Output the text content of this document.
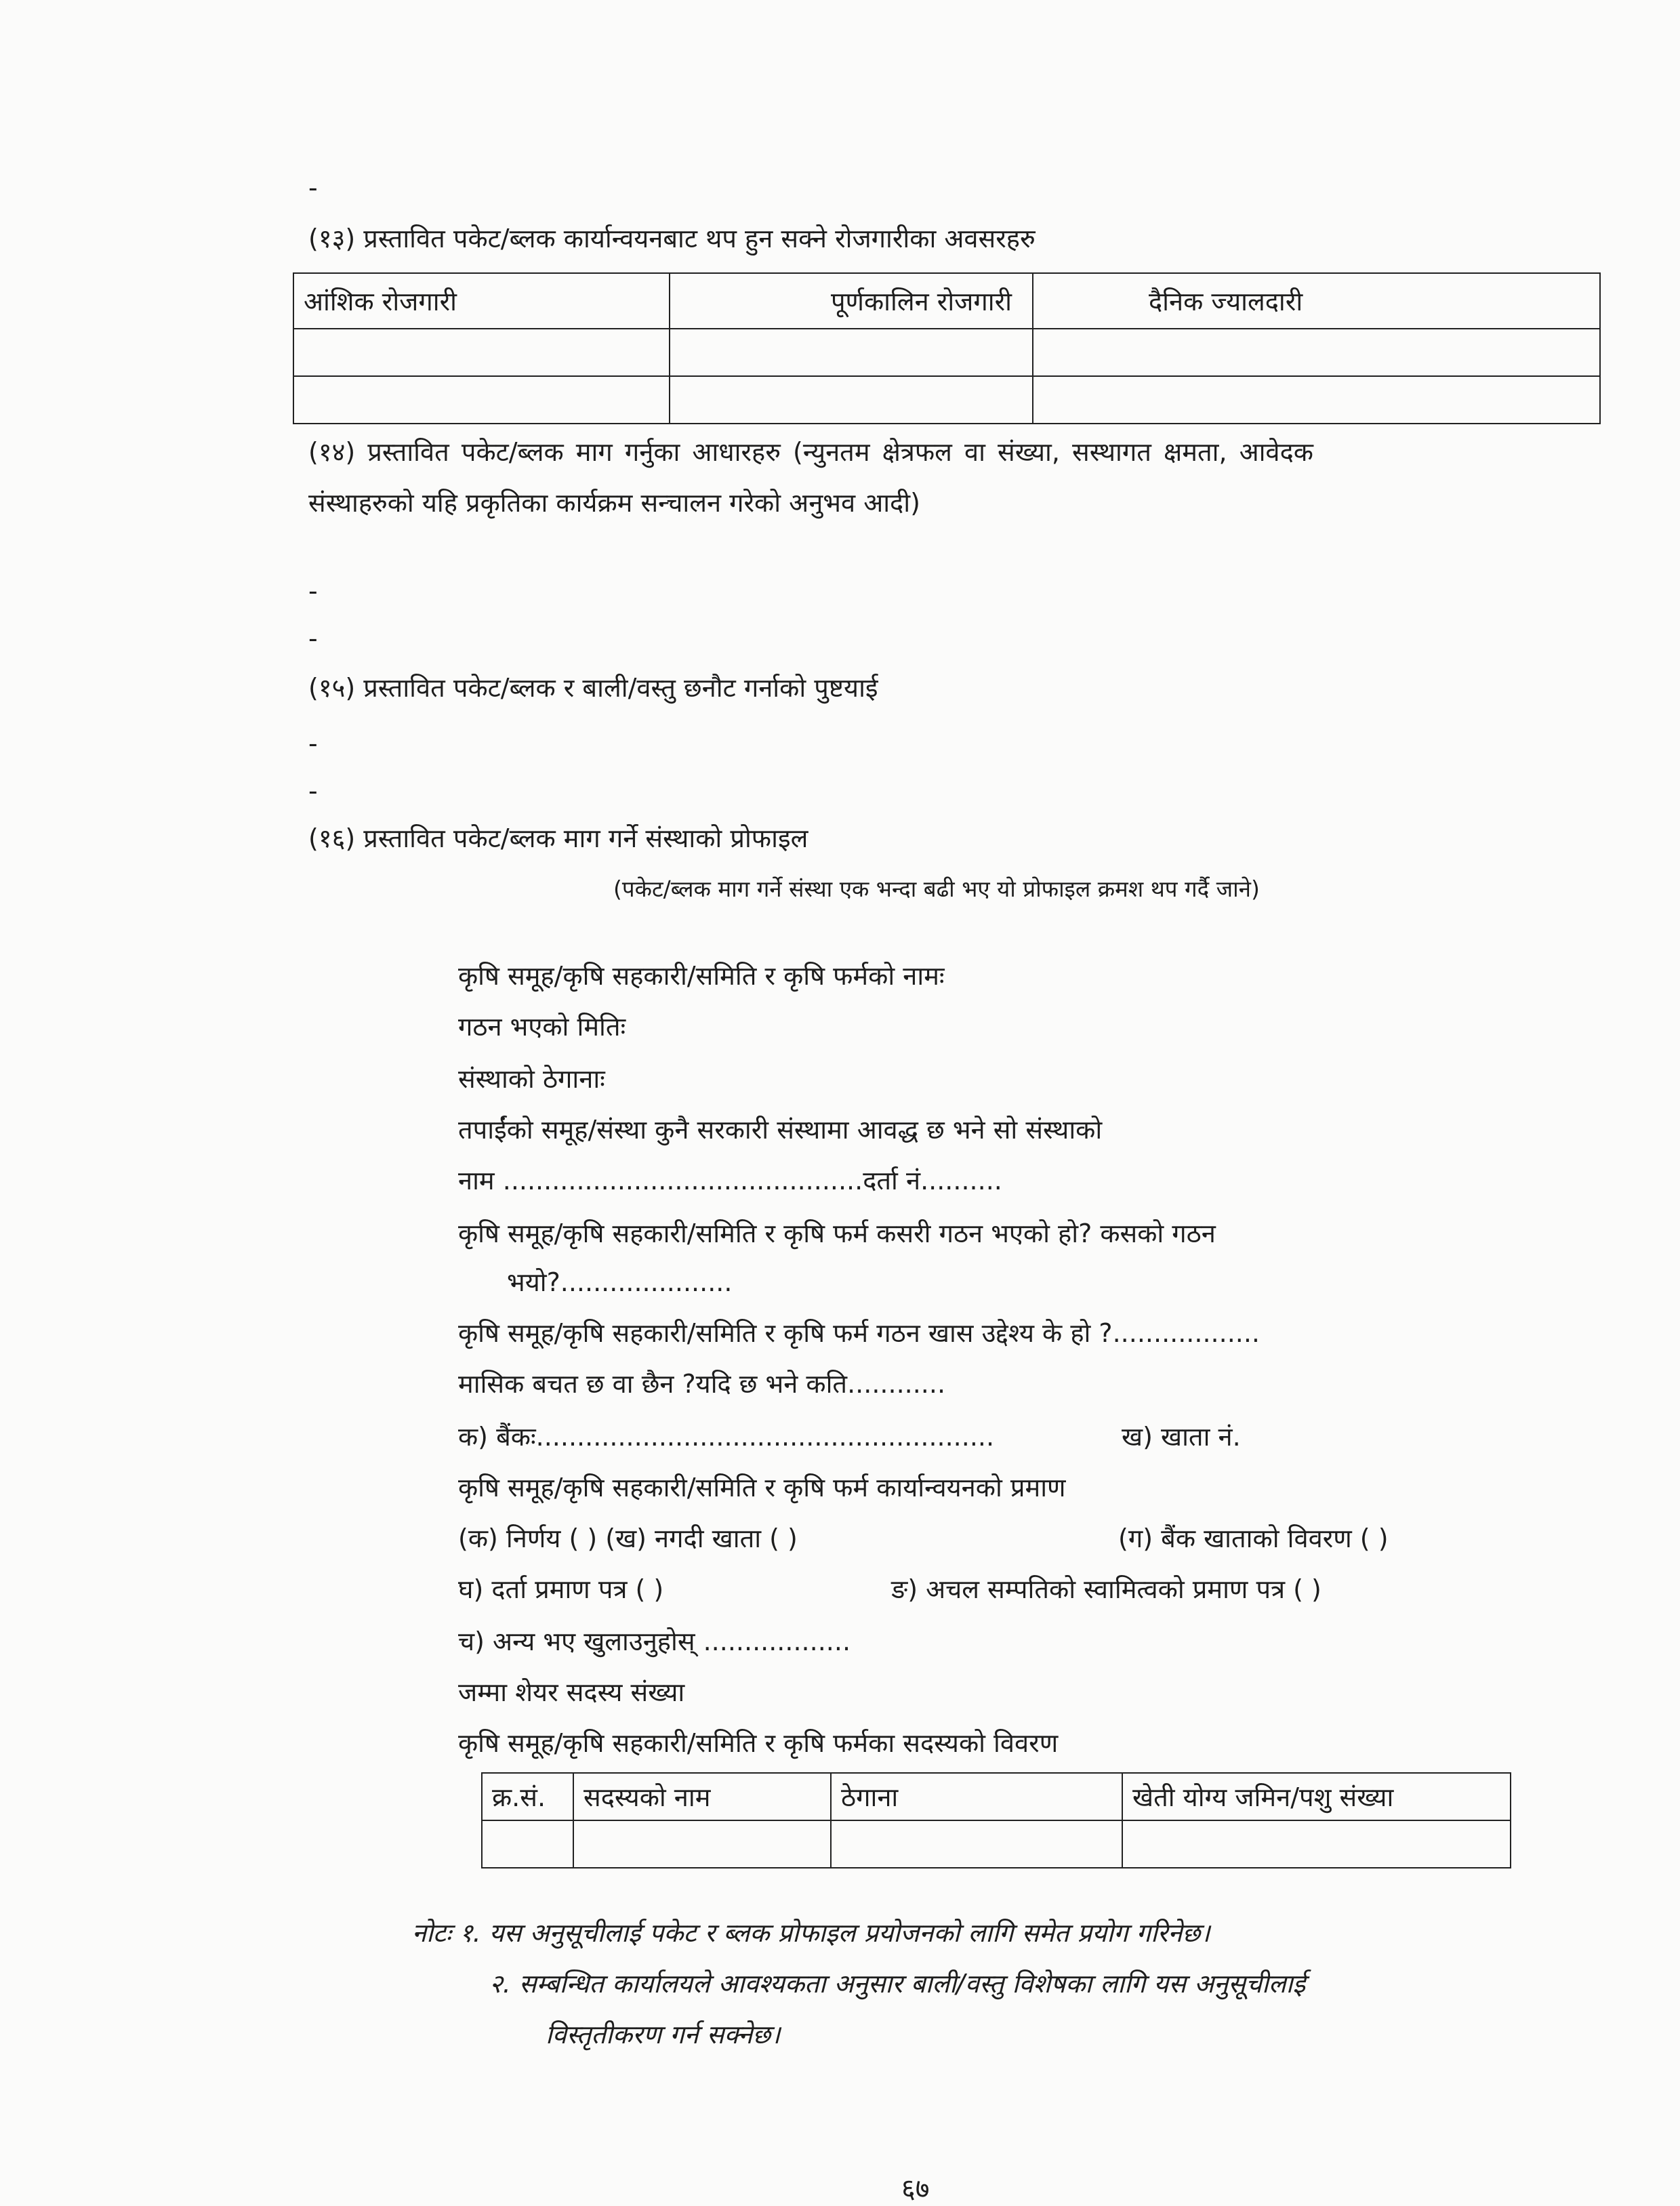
-
(१३) प्रस्तावित पकेट/ब्लक कार्यान्वयनबाट थप हुन सक्ने रोजगारीका अवसरहरु
आंशिक रोजगारी	पूर्णकालिन रोजगारी	दैनिक ज्यालदारी

(१४) प्रस्तावित पकेट/ब्लक माग गर्नुका आधारहरु (न्युनतम क्षेत्रफल वा संख्या, सस्थागत क्षमता, आवेदक
संस्थाहरुको यहि प्रकृतिका कार्यक्रम सन्चालन गरेको अनुभव आदी)
-
-
(१५) प्रस्तावित पकेट/ब्लक र बाली/वस्तु छनौट गर्नाको पुष्टयाई
-
-
(१६) प्रस्तावित पकेट/ब्लक माग गर्ने संस्थाको प्रोफाइल
(पकेट/ब्लक माग गर्ने संस्था एक भन्दा बढी भए यो प्रोफाइल क्रमश थप गर्दै जाने)
कृषि समूह/कृषि सहकारी/समिति र कृषि फर्मको नामः
गठन भएको मितिः
संस्थाको ठेगानाः
तपाईंको समूह/संस्था कुनै सरकारी संस्थामा आवद्ध छ भने सो संस्थाको
नाम ............................................दर्ता नं..........
कृषि समूह/कृषि सहकारी/समिति र कृषि फर्म कसरी गठन भएको हो? कसको गठन
भयो?.....................
कृषि समूह/कृषि सहकारी/समिति र कृषि फर्म गठन खास उद्देश्य के हो ?..................
मासिक बचत छ वा छैन ?यदि छ भने कति............
क) बैंकः........................................................	ख) खाता नं.
कृषि समूह/कृषि सहकारी/समिति र कृषि फर्म कार्यान्वयनको प्रमाण
(क) निर्णय ( ) (ख) नगदी खाता ( )	(ग) बैंक खाताको विवरण ( )
घ) दर्ता प्रमाण पत्र ( )	ङ) अचल सम्पतिको स्वामित्वको प्रमाण पत्र ( )
च) अन्य भए खुलाउनुहोस् ..................
जम्मा शेयर सदस्य संख्या
कृषि समूह/कृषि सहकारी/समिति र कृषि फर्मका सदस्यको विवरण
क्र.सं.	सदस्यको नाम	ठेगाना	खेती योग्य जमिन/पशु संख्या

नोटः १. यस अनुसूचीलाई पकेट र ब्लक प्रोफाइल प्रयोजनको लागि समेत प्रयोग गरिनेछ।
२. सम्बन्धित कार्यालयले आवश्यकता अनुसार बाली/वस्तु विशेषका लागि यस अनुसूचीलाई
विस्तृतीकरण गर्न सक्नेछ।
६७
